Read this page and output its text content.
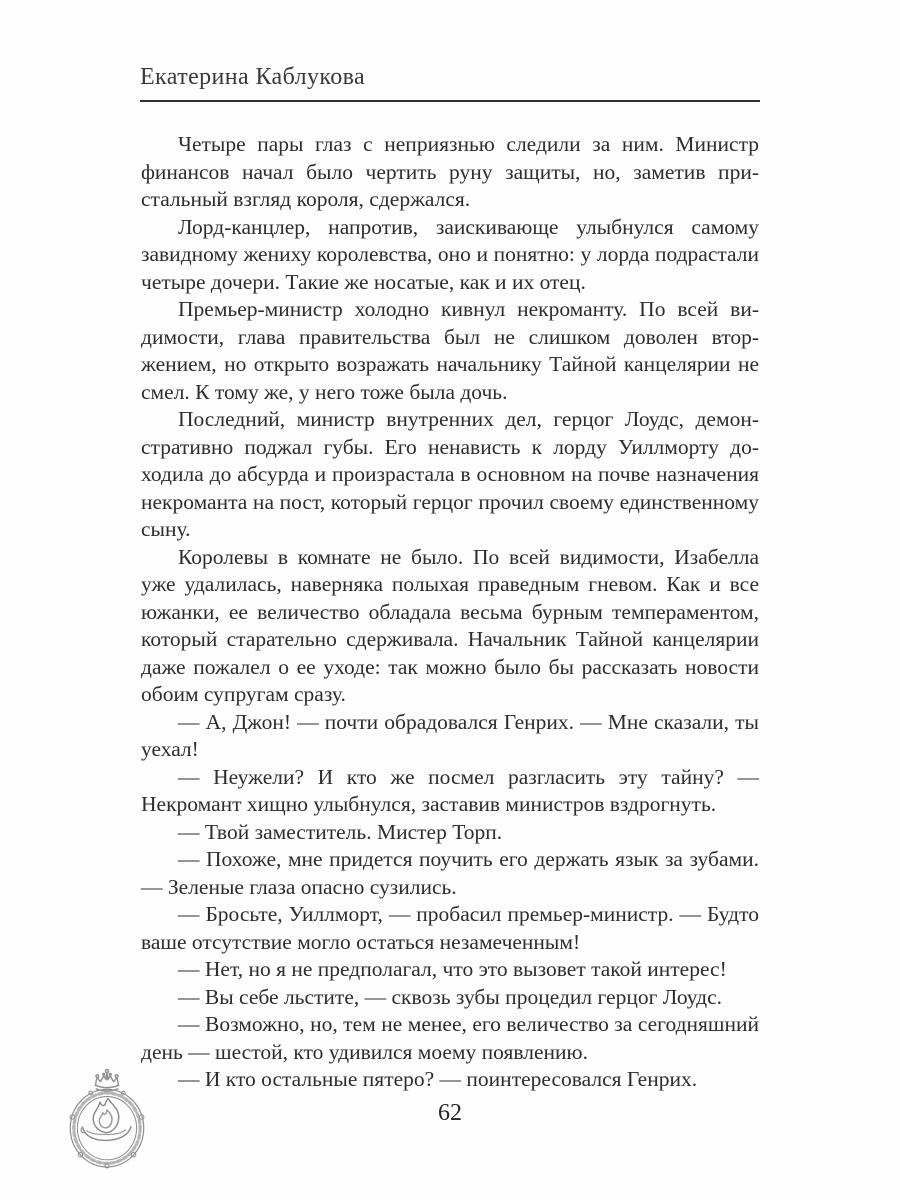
Екатерина Каблукова

Четыре пары глаз с неприязнью следили за ним. Министр финансов начал было чертить руну защиты, но, заметив пристальный взгляд короля, сдержался.

Лорд-канцлер, напротив, заискивающе улыбнулся самому завидному жениху королевства, оно и понятно: у лорда подрастали четыре дочери. Такие же носатые, как и их отец.

Премьер-министр холодно кивнул некроманту. По всей видимости, глава правительства был не слишком доволен вторжением, но открыто возражать начальнику Тайной канцелярии не смел. К тому же, у него тоже была дочь.

Последний, министр внутренних дел, герцог Лоудс, демонстративно поджал губы. Его ненависть к лорду Уиллморту доходила до абсурда и произрастала в основном на почве назначения некроманта на пост, который герцог прочил своему единственному сыну.

Королевы в комнате не было. По всей видимости, Изабелла уже удалилась, наверняка полыхая праведным гневом. Как и все южанки, ее величество обладала весьма бурным темпераментом, который старательно сдерживала. Начальник Тайной канцелярии даже пожалел о ее уходе: так можно было бы рассказать новости обоим супругам сразу.

— А, Джон! — почти обрадовался Генрих. — Мне сказали, ты уехал!

— Неужели? И кто же посмел разгласить эту тайну? — Некромант хищно улыбнулся, заставив министров вздрогнуть.

— Твой заместитель. Мистер Торп.

— Похоже, мне придется поучить его держать язык за зубами. — Зеленые глаза опасно сузились.

— Бросьте, Уиллморт, — пробасил премьер-министр. — Будто ваше отсутствие могло остаться незамеченным!

— Нет, но я не предполагал, что это вызовет такой интерес!

— Вы себе льстите, — сквозь зубы процедил герцог Лоудс.

— Возможно, но, тем не менее, его величество за сегодняшний день — шестой, кто удивился моему появлению.

— И кто остальные пятеро? — поинтересовался Генрих.

62
